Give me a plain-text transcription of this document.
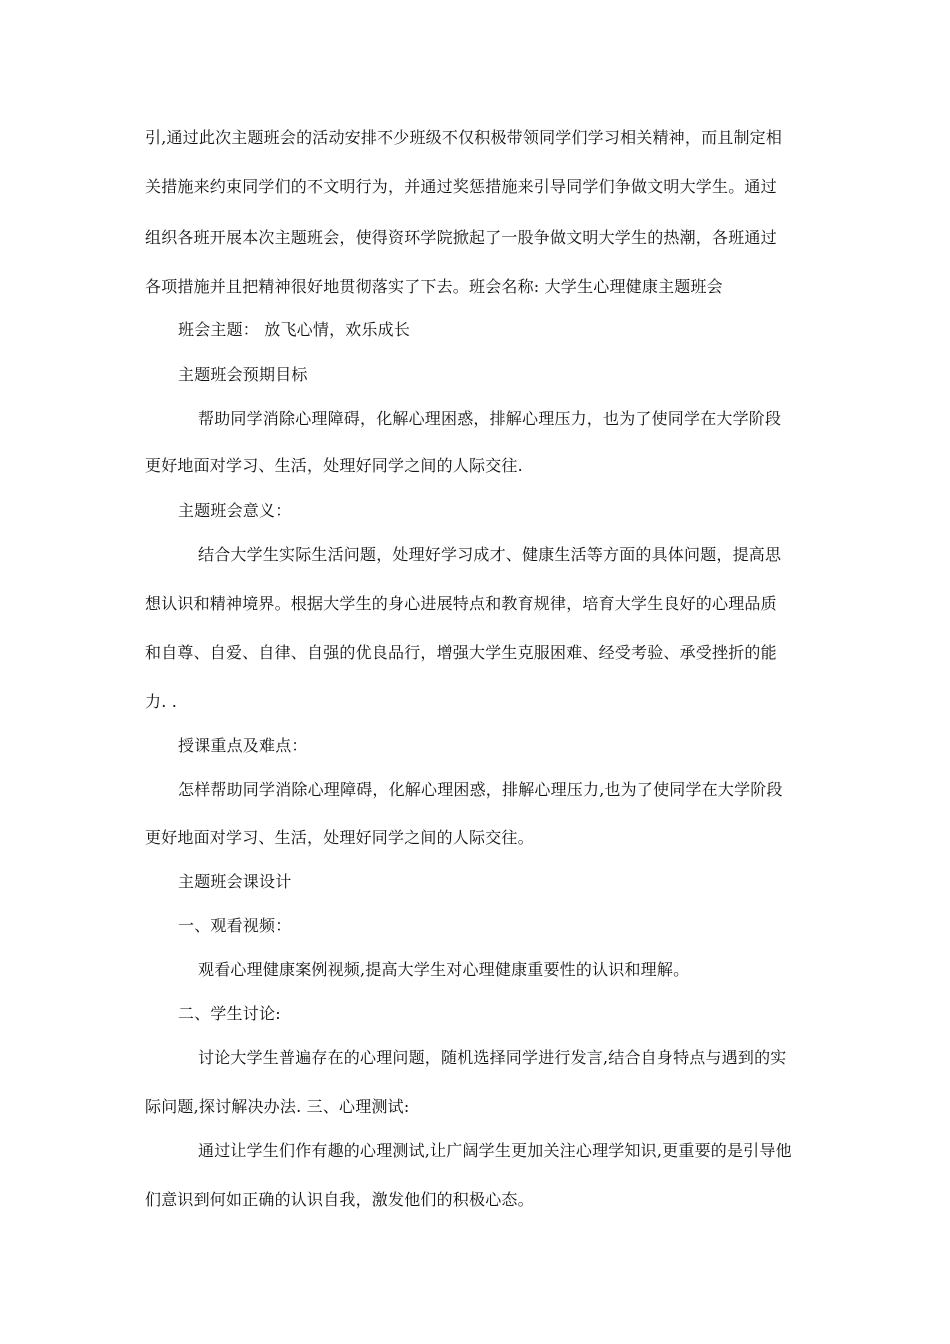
引,通过此次主题班会的活动安排不少班级不仅积极带领同学们学习相关精神，而且制定相
关措施来约束同学们的不文明行为，并通过奖惩措施来引导同学们争做文明大学生。通过
组织各班开展本次主题班会，使得资环学院掀起了一股争做文明大学生的热潮，各班通过
各项措施并且把精神很好地贯彻落实了下去。班会名称: 大学生心理健康主题班会
班会主题： 放飞心情，欢乐成长
主题班会预期目标
帮助同学消除心理障碍，化解心理困惑，排解心理压力，也为了使同学在大学阶段
更好地面对学习、生活，处理好同学之间的人际交往.
主题班会意义：
结合大学生实际生活问题，处理好学习成才、健康生活等方面的具体问题，提高思
想认识和精神境界。根据大学生的身心进展特点和教育规律，培育大学生良好的心理品质
和自尊、自爱、自律、自强的优良品行，增强大学生克服困难、经受考验、承受挫折的能
力. .
授课重点及难点：
怎样帮助同学消除心理障碍，化解心理困惑，排解心理压力,也为了使同学在大学阶段
更好地面对学习、生活，处理好同学之间的人际交往。
主题班会课设计
一、观看视频：
观看心理健康案例视频,提高大学生对心理健康重要性的认识和理解。
二、学生讨论:
讨论大学生普遍存在的心理问题，随机选择同学进行发言,结合自身特点与遇到的实
际问题,探讨解决办法. 三、心理测试:
通过让学生们作有趣的心理测试,让广阔学生更加关注心理学知识,更重要的是引导他
们意识到何如正确的认识自我，激发他们的积极心态。
